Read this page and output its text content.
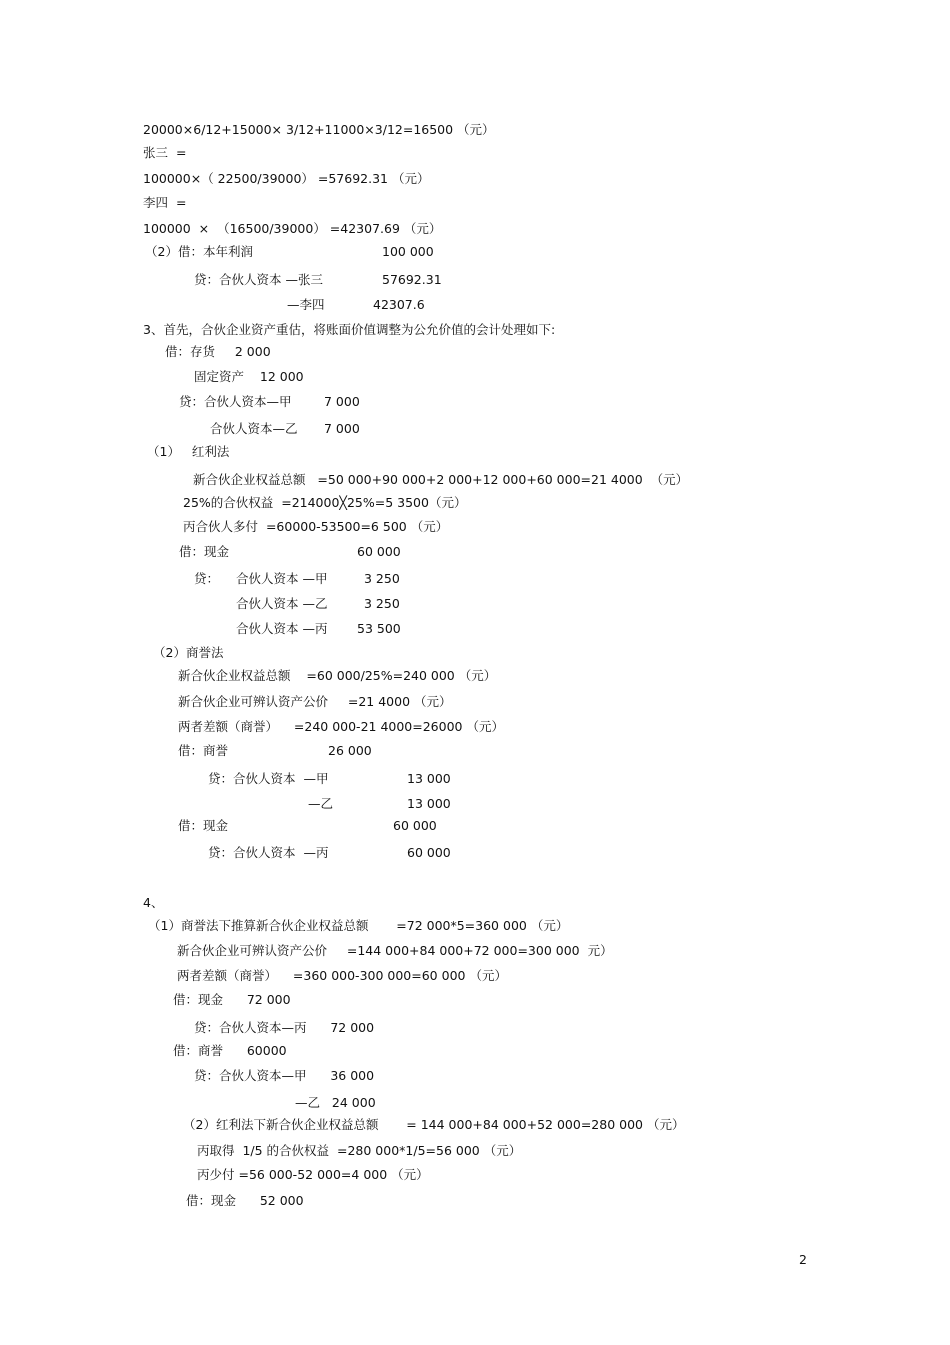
20000×6/12+15000× 3/12+11000×3/12=16500 （元）
张三  =
100000×（ 22500/39000） =57692.31 （元）
李四  =
100000  ×  （16500/39000） =42307.69 （元）
（2）借：本年利润	100 000
贷：合伙人资本 —张三	57692.31
—李四	42307.6
3、首先，合伙企业资产重估，将账面价值调整为公允价值的会计处理如下:
借：存货     2 000
固定资产    12 000
贷：合伙人资本—甲	7 000
合伙人资本—乙 7 000
（1）   红利法
新合伙企业权益总额   =50 000+90 000+2 000+12 000+60 000=21 4000  （元）
25%的合伙权益  =214000╳25%=5 3500（元）
丙合伙人多付  =60000-53500=6 500 （元）
借：现金	60 000
贷： 合伙人资本 —甲	3 250
合伙人资本 —乙	3 250
合伙人资本 —丙 53 500
（2）商誉法
新合伙企业权益总额    =60 000/25%=240 000 （元）
新合伙企业可辨认资产公价     =21 4000 （元）
两者差额（商誉）    =240 000-21 4000=26000 （元）
借：商誉	26 000
贷：合伙人资本  —甲	13 000
—乙	13 000
借：现金	60 000
贷：合伙人资本  —丙	60 000
4、
（1）商誉法下推算新合伙企业权益总额       =72 000*5=360 000 （元）
新合伙企业可辨认资产公价     =144 000+84 000+72 000=300 000  元）
两者差额（商誉）    =360 000-300 000=60 000 （元）
借：现金      72 000
贷：合伙人资本—丙      72 000
借：商誉      60000
贷：合伙人资本—甲      36 000
—乙   24 000
（2）红利法下新合伙企业权益总额       = 144 000+84 000+52 000=280 000 （元）
丙取得  1/5 的合伙权益  =280 000*1/5=56 000 （元）
丙少付 =56 000-52 000=4 000 （元）
借：现金      52 000
2
